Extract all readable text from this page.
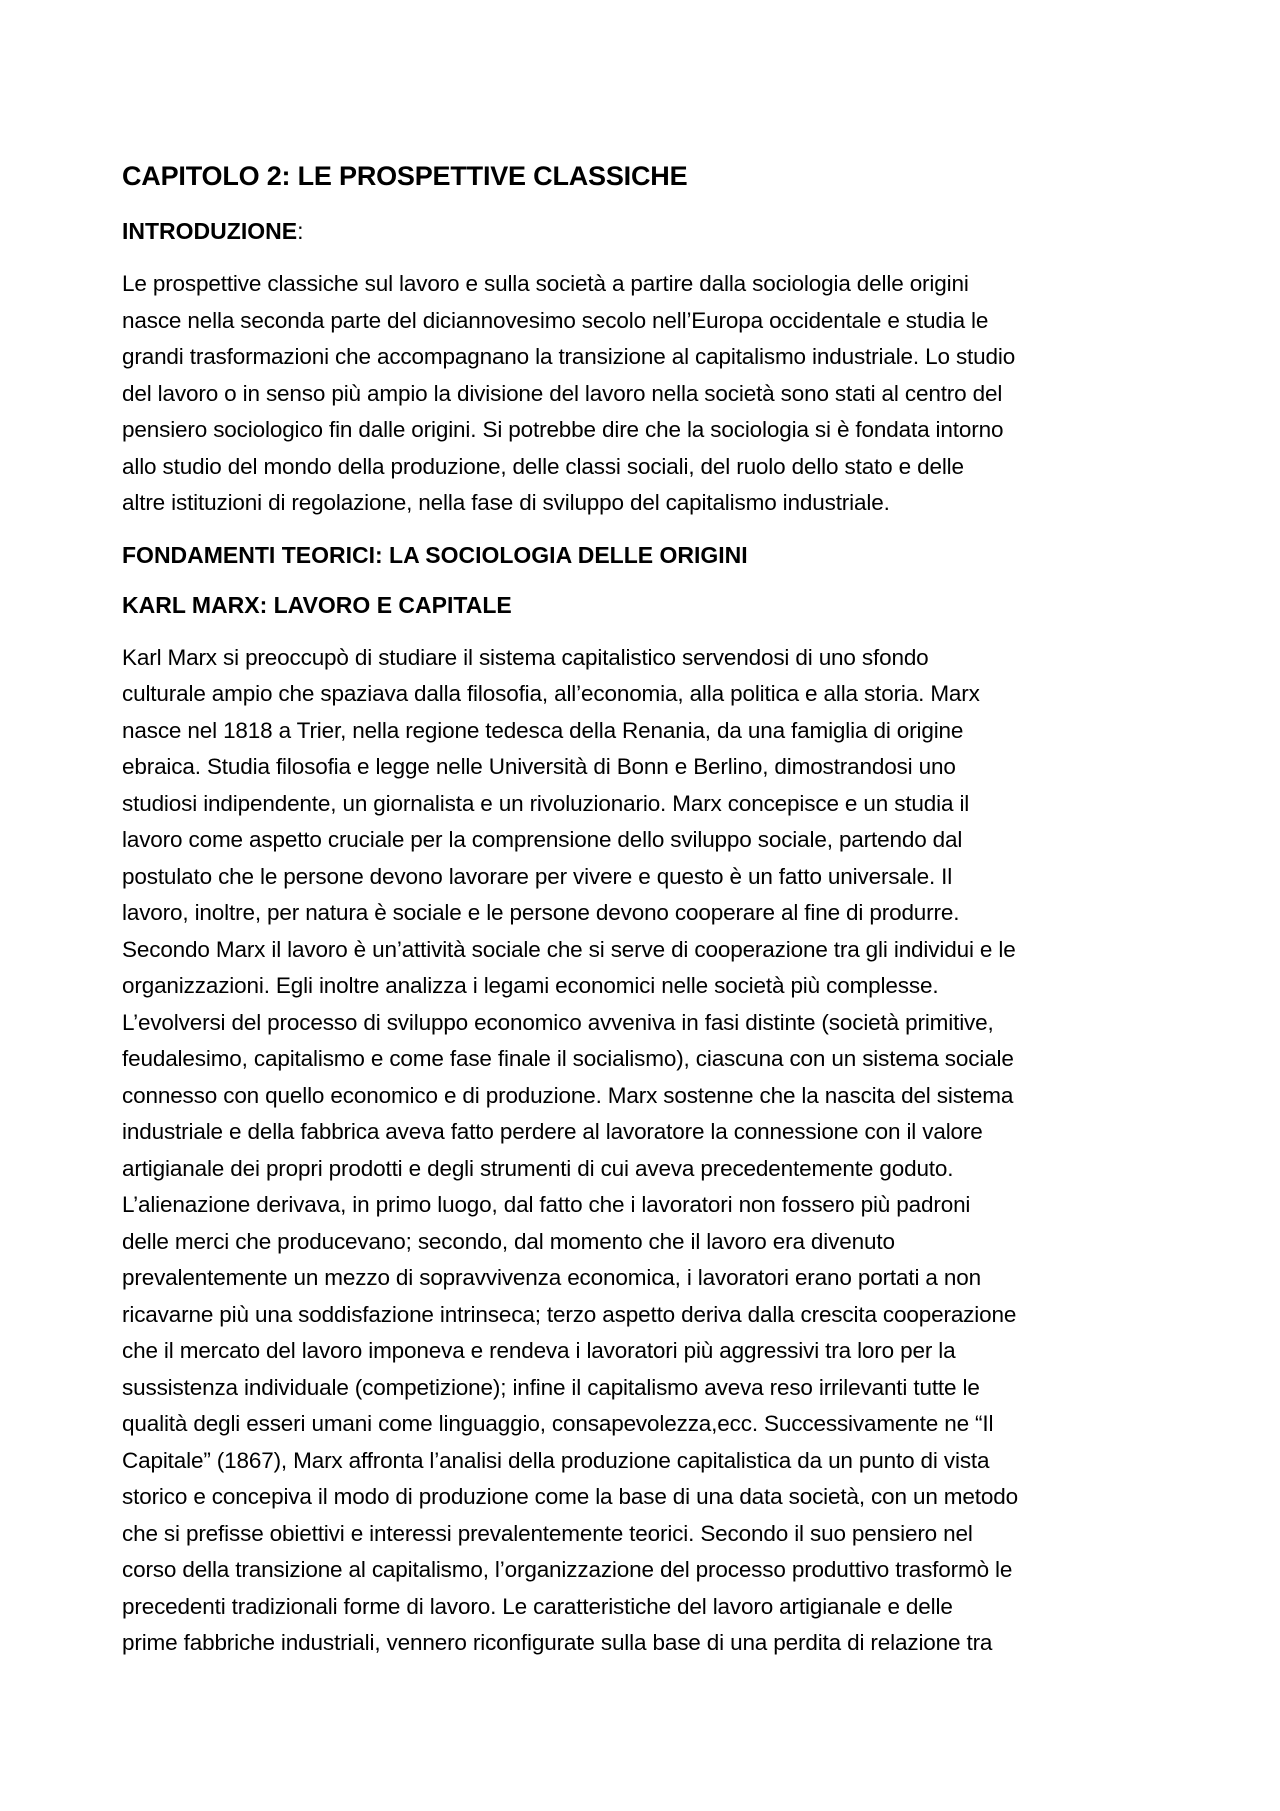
CAPITOLO 2: LE PROSPETTIVE CLASSICHE
INTRODUZIONE:
Le prospettive classiche sul lavoro e sulla società a partire dalla sociologia delle origini
nasce nella seconda parte del diciannovesimo secolo nell’Europa occidentale e studia le
grandi trasformazioni che accompagnano la transizione al capitalismo industriale. Lo studio
del lavoro o in senso più ampio la divisione del lavoro nella società sono stati al centro del
pensiero sociologico fin dalle origini. Si potrebbe dire che la sociologia si è fondata intorno
allo studio del mondo della produzione, delle classi sociali, del ruolo dello stato e delle
altre istituzioni di regolazione, nella fase di sviluppo del capitalismo industriale.
FONDAMENTI TEORICI: LA SOCIOLOGIA DELLE ORIGINI
KARL MARX: LAVORO E CAPITALE
Karl Marx si preoccupò di studiare il sistema capitalistico servendosi di uno sfondo
culturale ampio che spaziava dalla filosofia, all’economia, alla politica e alla storia. Marx
nasce nel 1818 a Trier, nella regione tedesca della Renania, da una famiglia di origine
ebraica. Studia filosofia e legge nelle Università di Bonn e Berlino, dimostrandosi uno
studiosi indipendente, un giornalista e un rivoluzionario. Marx concepisce e un studia il
lavoro come aspetto cruciale per la comprensione dello sviluppo sociale, partendo dal
postulato che le persone devono lavorare per vivere e questo è un fatto universale. Il
lavoro, inoltre, per natura è sociale e le persone devono cooperare al fine di produrre.
Secondo Marx il lavoro è un’attività sociale che si serve di cooperazione tra gli individui e le
organizzazioni. Egli inoltre analizza i legami economici nelle società più complesse.
L’evolversi del processo di sviluppo economico avveniva in fasi distinte (società primitive,
feudalesimo, capitalismo e come fase finale il socialismo), ciascuna con un sistema sociale
connesso con quello economico e di produzione. Marx sostenne che la nascita del sistema
industriale e della fabbrica aveva fatto perdere al lavoratore la connessione con il valore
artigianale dei propri prodotti e degli strumenti di cui aveva precedentemente goduto.
L’alienazione derivava, in primo luogo, dal fatto che i lavoratori non fossero più padroni
delle merci che producevano; secondo, dal momento che il lavoro era divenuto
prevalentemente un mezzo di sopravvivenza economica, i lavoratori erano portati a non
ricavarne più una soddisfazione intrinseca; terzo aspetto deriva dalla crescita cooperazione
che il mercato del lavoro imponeva e rendeva i lavoratori più aggressivi tra loro per la
sussistenza individuale (competizione); infine il capitalismo aveva reso irrilevanti tutte le
qualità degli esseri umani come linguaggio, consapevolezza,ecc. Successivamente ne “Il
Capitale” (1867), Marx affronta l’analisi della produzione capitalistica da un punto di vista
storico e concepiva il modo di produzione come la base di una data società, con un metodo
che si prefisse obiettivi e interessi prevalentemente teorici. Secondo il suo pensiero nel
corso della transizione al capitalismo, l’organizzazione del processo produttivo trasformò le
precedenti tradizionali forme di lavoro. Le caratteristiche del lavoro artigianale e delle
prime fabbriche industriali, vennero riconfigurate sulla base di una perdita di relazione tra
